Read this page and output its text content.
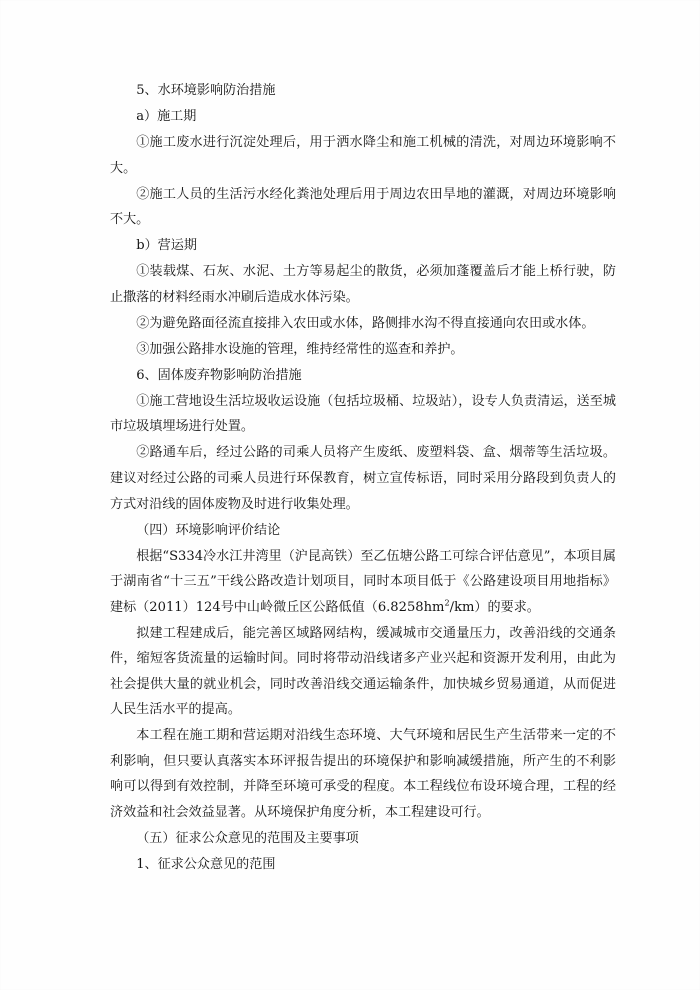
5、水环境影响防治措施

a）施工期

①施工废水进行沉淀处理后，用于洒水降尘和施工机械的清洗，对周边环境影响不大。

②施工人员的生活污水经化粪池处理后用于周边农田旱地的灌溉，对周边环境影响不大。

b）营运期

①装载煤、石灰、水泥、土方等易起尘的散货，必须加蓬覆盖后才能上桥行驶，防止撒落的材料经雨水冲刷后造成水体污染。

②为避免路面径流直接排入农田或水体，路侧排水沟不得直接通向农田或水体。

③加强公路排水设施的管理，维持经常性的巡查和养护。

6、固体废弃物影响防治措施

①施工营地设生活垃圾收运设施（包括垃圾桶、垃圾站），设专人负责清运，送至城市垃圾填埋场进行处置。

②路通车后，经过公路的司乘人员将产生废纸、废塑料袋、盒、烟蒂等生活垃圾。建议对经过公路的司乘人员进行环保教育，树立宣传标语，同时采用分路段到负责人的方式对沿线的固体废物及时进行收集处理。

（四）环境影响评价结论

根据“S334冷水江井湾里（沪昆高铁）至乙伍塘公路工可综合评估意见”，本项目属于湖南省“十三五”干线公路改造计划项目，同时本项目低于《公路建设项目用地指标》建标（2011）124号中山岭微丘区公路低值$(6.8258hm^2/km)$的要求。

拟建工程建成后，能完善区域路网结构，缓减城市交通量压力，改善沿线的交通条件，缩短客货流量的运输时间。同时将带动沿线诸多产业兴起和资源开发利用，由此为社会提供大量的就业机会，同时改善沿线交通运输条件，加快城乡贸易通道，从而促进人民生活水平的提高。

本工程在施工期和营运期对沿线生态环境、大气环境和居民生产生活带来一定的不利影响，但只要认真落实本环评报告提出的环境保护和影响减缓措施，所产生的不利影响可以得到有效控制，并降至环境可承受的程度。本工程线位布设环境合理，工程的经济效益和社会效益显著。从环境保护角度分析，本工程建设可行。

（五）征求公众意见的范围及主要事项

1、征求公众意见的范围
